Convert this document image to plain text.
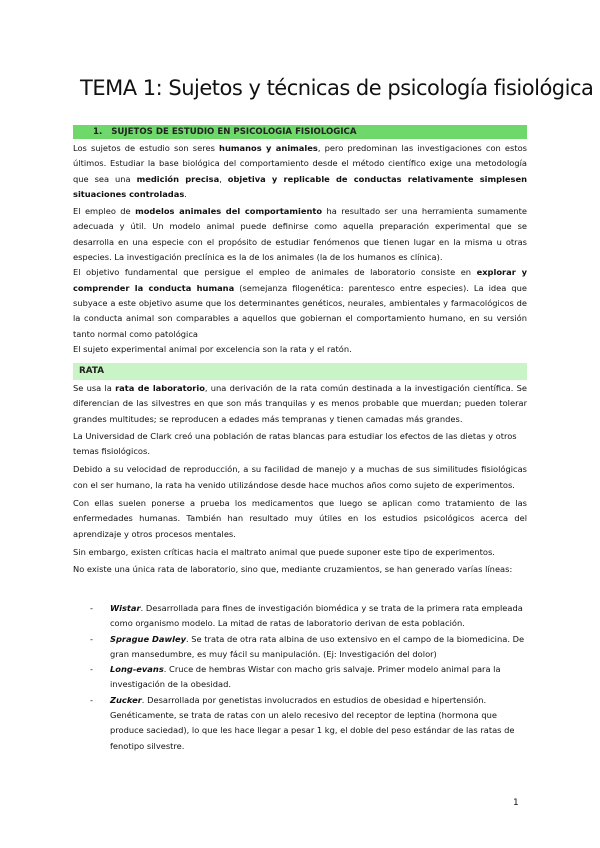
TEMA 1: Sujetos y técnicas de psicología fisiológica
1. SUJETOS DE ESTUDIO EN PSICOLOGIA FISIOLOGICA

Los sujetos de estudio son seres humanos y animales, pero predominan las investigaciones con estos últimos. Estudiar la base biológica del comportamiento desde el método científico exige una metodología que sea una medición precisa, objetiva y replicable de conductas relativamente simplesen situaciones controladas.

El empleo de modelos animales del comportamiento ha resultado ser una herramienta sumamente adecuada y útil. Un modelo animal puede definirse como aquella preparación experimental que se desarrolla en una especie con el propósito de estudiar fenómenos que tienen lugar en la misma u otras especies. La investigación preclínica es la de los animales (la de los humanos es clínica).

El objetivo fundamental que persigue el empleo de animales de laboratorio consiste en explorar y comprender la conducta humana (semejanza filogenética: parentesco entre especies). La idea que subyace a este objetivo asume que los determinantes genéticos, neurales, ambientales y farmacológicos de la conducta animal son comparables a aquellos que gobiernan el comportamiento humano, en su versión tanto normal como patológica

El sujeto experimental animal por excelencia son la rata y el ratón.

RATA

Se usa la rata de laboratorio, una derivación de la rata común destinada a la investigación científica. Se diferencian de las silvestres en que son más tranquilas y es menos probable que muerdan; pueden tolerar grandes multitudes; se reproducen a edades más tempranas y tienen camadas más grandes.

La Universidad de Clark creó una población de ratas blancas para estudiar los efectos de las dietas y otros temas fisiológicos.

Debido a su velocidad de reproducción, a su facilidad de manejo y a muchas de sus similitudes fisiológicas con el ser humano, la rata ha venido utilizándose desde hace muchos años como sujeto de experimentos.

Con ellas suelen ponerse a prueba los medicamentos que luego se aplican como tratamiento de las enfermedades humanas. También han resultado muy útiles en los estudios psicológicos acerca del aprendizaje y otros procesos mentales.

Sin embargo, existen críticas hacia el maltrato animal que puede suponer este tipo de experimentos.

No existe una única rata de laboratorio, sino que, mediante cruzamientos, se han generado varías líneas:

- Wistar. Desarrollada para fines de investigación biomédica y se trata de la primera rata empleada como organismo modelo. La mitad de ratas de laboratorio derivan de esta población.
- Sprague Dawley. Se trata de otra rata albina de uso extensivo en el campo de la biomedicina. De gran mansedumbre, es muy fácil su manipulación. (Ej: Investigación del dolor)
- Long-evans. Cruce de hembras Wistar con macho gris salvaje. Primer modelo animal para la investigación de la obesidad.
- Zucker. Desarrollada por genetistas involucrados en estudios de obesidad e hipertensión. Genéticamente, se trata de ratas con un alelo recesivo del receptor de leptina (hormona que produce saciedad), lo que les hace llegar a pesar 1 kg, el doble del peso estándar de las ratas de fenotipo silvestre.
1
